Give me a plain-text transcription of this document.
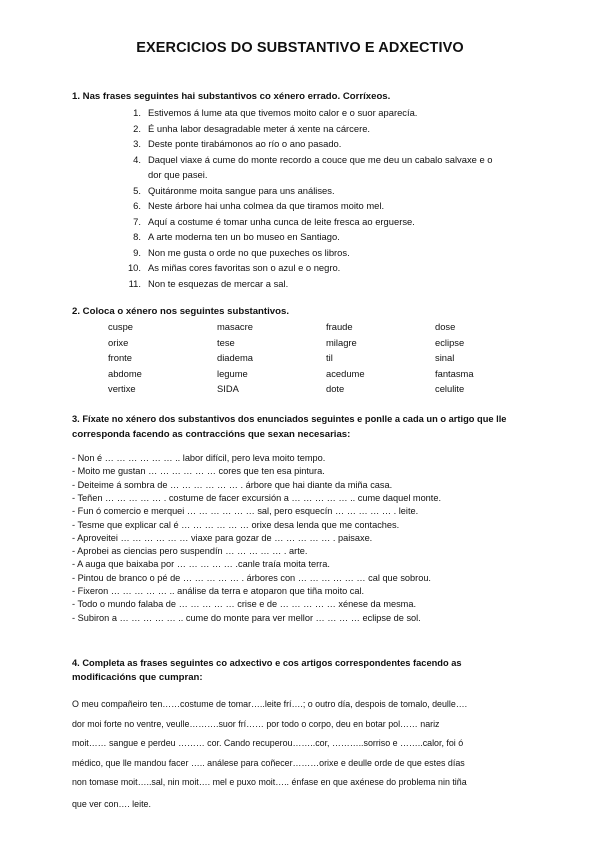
EXERCICIOS DO SUBSTANTIVO E ADXECTIVO
1. Nas frases seguintes hai substantivos co xénero errado. Corríxeos.
1. Estivemos á lume ata que tivemos moito calor e o suor aparecía.
2. É unha labor desagradable meter á xente na cárcere.
3. Deste ponte tirabámonos ao río o ano pasado.
4. Daquel viaxe á cume do monte recordo a couce que me deu un cabalo salvaxe e o
dor que pasei.
5. Quitáronme moita sangue para uns análises.
6. Neste árbore hai unha colmea da que tiramos moito mel.
7. Aquí a costume é tomar unha cunca de leite fresca ao erguerse.
8. A arte moderna ten un bo museo en Santiago.
9. Non me gusta o orde no que puxeches os libros.
10. As miñas cores favoritas son o azul e o negro.
11. Non te esquezas de mercar a sal.
2. Coloca o xénero nos seguintes substantivos.
cuspe	masacre	fraude	dose
orixe	tese	milagre	eclipse
fronte	diadema	til	sinal
abdome	legume	acedume	fantasma
vertixe	SIDA	dote	celulite
3. Fíxate no xénero dos substantivos dos enunciados seguintes e ponlle a cada un o artigo que lle
corresponda facendo as contraccións que sexan necesarias:
- Non é … … … … … … .. labor difícil, pero leva moito tempo.
- Moito me gustan … … … … … … cores que ten esa pintura.
- Deiteime á sombra de … … … … … … . árbore que hai diante da miña casa.
- Teñen … … … … … . costume de facer excursión a … … … … … .. cume daquel monte.
- Fun ó comercio e merquei … … … … … … sal, pero esquecín … … … … … . leite.
- Tesme que explicar cal é … … … … … … orixe desa lenda que me contaches.
- Aproveitei … … … … … … viaxe para gozar de … … … … … . paisaxe.
- Aprobei as ciencias pero suspendín … … … … … . arte.
- A auga que baixaba por … … … … … .canle traía moita terra.
- Pintou de branco o pé de … … … … … . árbores con … … … … … … cal que sobrou.
- Fixeron … … … … … .. análise da terra e atoparon que tiña moito cal.
- Todo o mundo falaba de … … … … … crise e de … … … … … xénese da mesma.
- Subiron a … … … … … .. cume do monte para ver mellor … … … … eclipse de sol.
4. Completa as frases seguintes co adxectivo e cos artigos correspondentes facendo as
modificacións que cumpran:
O meu compañeiro ten……costume de tomar…..leite frí….; o outro día, despois de tomalo, deulle….
dor moi forte no ventre, veulle……….suor frí…… por todo o corpo, deu en botar pol…… nariz
moit…… sangue e perdeu ……… cor. Cando recuperou……..cor, ………..sorriso e ……..calor, foi ó
médico, que lle mandou facer ….. análese para coñecer………orixe e deulle orde de que estes días
non tomase moit…..sal, nin moit…. mel e puxo moit….. énfase en que axénese do problema nin tiña
que ver con…. leite.
